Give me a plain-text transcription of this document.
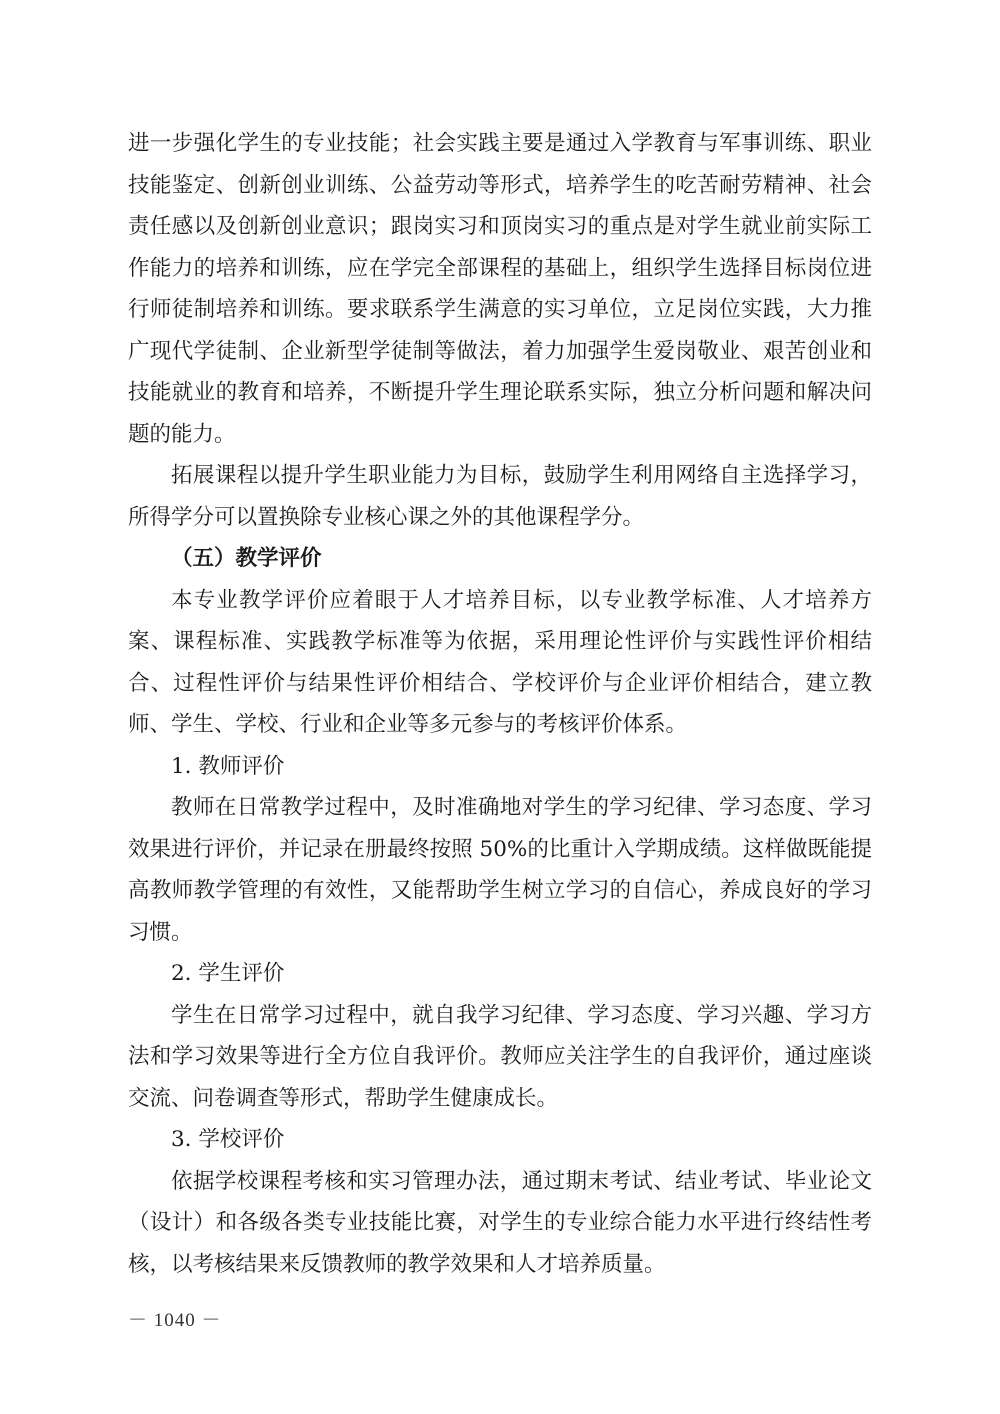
进一步强化学生的专业技能；社会实践主要是通过入学教育与军事训练、职业技能鉴定、创新创业训练、公益劳动等形式，培养学生的吃苦耐劳精神、社会责任感以及创新创业意识；跟岗实习和顶岗实习的重点是对学生就业前实际工作能力的培养和训练，应在学完全部课程的基础上，组织学生选择目标岗位进行师徒制培养和训练。要求联系学生满意的实习单位，立足岗位实践，大力推广现代学徒制、企业新型学徒制等做法，着力加强学生爱岗敬业、艰苦创业和技能就业的教育和培养，不断提升学生理论联系实际，独立分析问题和解决问题的能力。

拓展课程以提升学生职业能力为目标，鼓励学生利用网络自主选择学习，所得学分可以置换除专业核心课之外的其他课程学分。

（五）教学评价

本专业教学评价应着眼于人才培养目标，以专业教学标准、人才培养方案、课程标准、实践教学标准等为依据，采用理论性评价与实践性评价相结合、过程性评价与结果性评价相结合、学校评价与企业评价相结合，建立教师、学生、学校、行业和企业等多元参与的考核评价体系。

1. 教师评价

教师在日常教学过程中，及时准确地对学生的学习纪律、学习态度、学习效果进行评价，并记录在册最终按照 50%的比重计入学期成绩。这样做既能提高教师教学管理的有效性，又能帮助学生树立学习的自信心，养成良好的学习习惯。

2. 学生评价

学生在日常学习过程中，就自我学习纪律、学习态度、学习兴趣、学习方法和学习效果等进行全方位自我评价。教师应关注学生的自我评价，通过座谈交流、问卷调查等形式，帮助学生健康成长。

3. 学校评价

依据学校课程考核和实习管理办法，通过期末考试、结业考试、毕业论文（设计）和各级各类专业技能比赛，对学生的专业综合能力水平进行终结性考核，以考核结果来反馈教师的教学效果和人才培养质量。

－ 1040 －
